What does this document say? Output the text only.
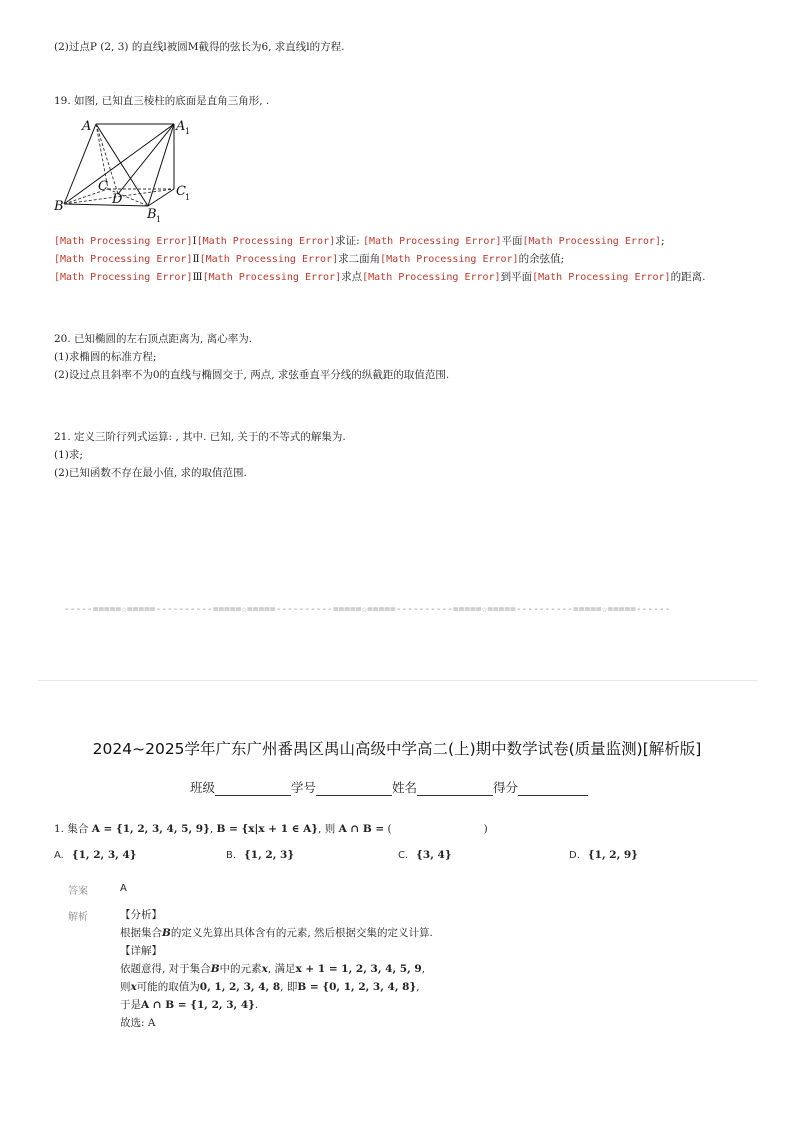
(2)过点P (2, 3) 的直线l被圆M截得的弦长为6, 求直线l的方程.
19. 如图, 已知直三棱柱的底面是直角三角形, .
A	A 1
C	C 1
D
B
B 1
[Math Processing Error]Ⅰ[Math Processing Error]求证: [Math Processing Error]平面[Math Processing Error];
[Math Processing Error]Ⅱ[Math Processing Error]求二面角[Math Processing Error]的余弦值;
[Math Processing Error]Ⅲ[Math Processing Error]求点[Math Processing Error]到平面[Math Processing Error]的距离.
20. 已知椭圆的左右顶点距离为, 离心率为.
(1)求椭圆的标准方程;
(2)设过点且斜率不为0的直线与椭圆交于, 两点, 求弦垂直平分线的纵截距的取值范围.
21. 定义三阶行列式运算: , 其中. 已知, 关于的不等式的解集为.
(1)求;
(2)已知函数不存在最小值, 求的取值范围.
-----=====☆=====----------=====☆=====----------=====☆=====----------=====☆=====----------=====☆=====------
2024~2025学年广东广州番禺区禺山高级中学高二(上)期中数学试卷(质量监测)[解析版]
班级	学号	姓名	得分
1. 集合 A = {1, 2, 3, 4, 5, 9}, B = {x|x + 1 ∈ A}, 则 A ∩ B = (	)
A. {1, 2, 3, 4}	B. {1, 2, 3}	C. {3, 4}	D. {1, 2, 9}
答案	A
解析	【分析】
根据集合B的定义先算出具体含有的元素, 然后根据交集的定义计算.
【详解】
依题意得, 对于集合B中的元素x, 满足x + 1 = 1, 2, 3, 4, 5, 9,
则x可能的取值为0, 1, 2, 3, 4, 8, 即B = {0, 1, 2, 3, 4, 8},
于是A ∩ B = {1, 2, 3, 4}.
故选: A
